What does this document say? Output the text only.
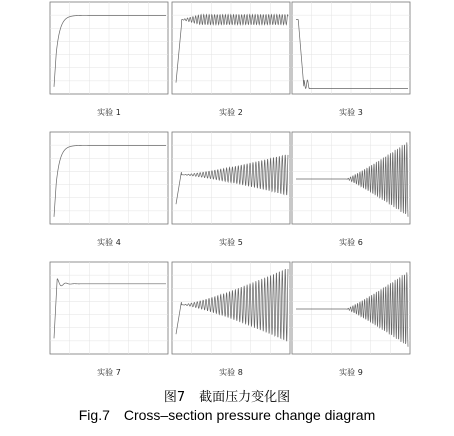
实验 1	实验 2	实验 3
实验 4	实验 5	实验 6
实验 7	实验 8	实验 9
图7 截面压力变化图
Fig.7 Cross–section pressure change diagram
